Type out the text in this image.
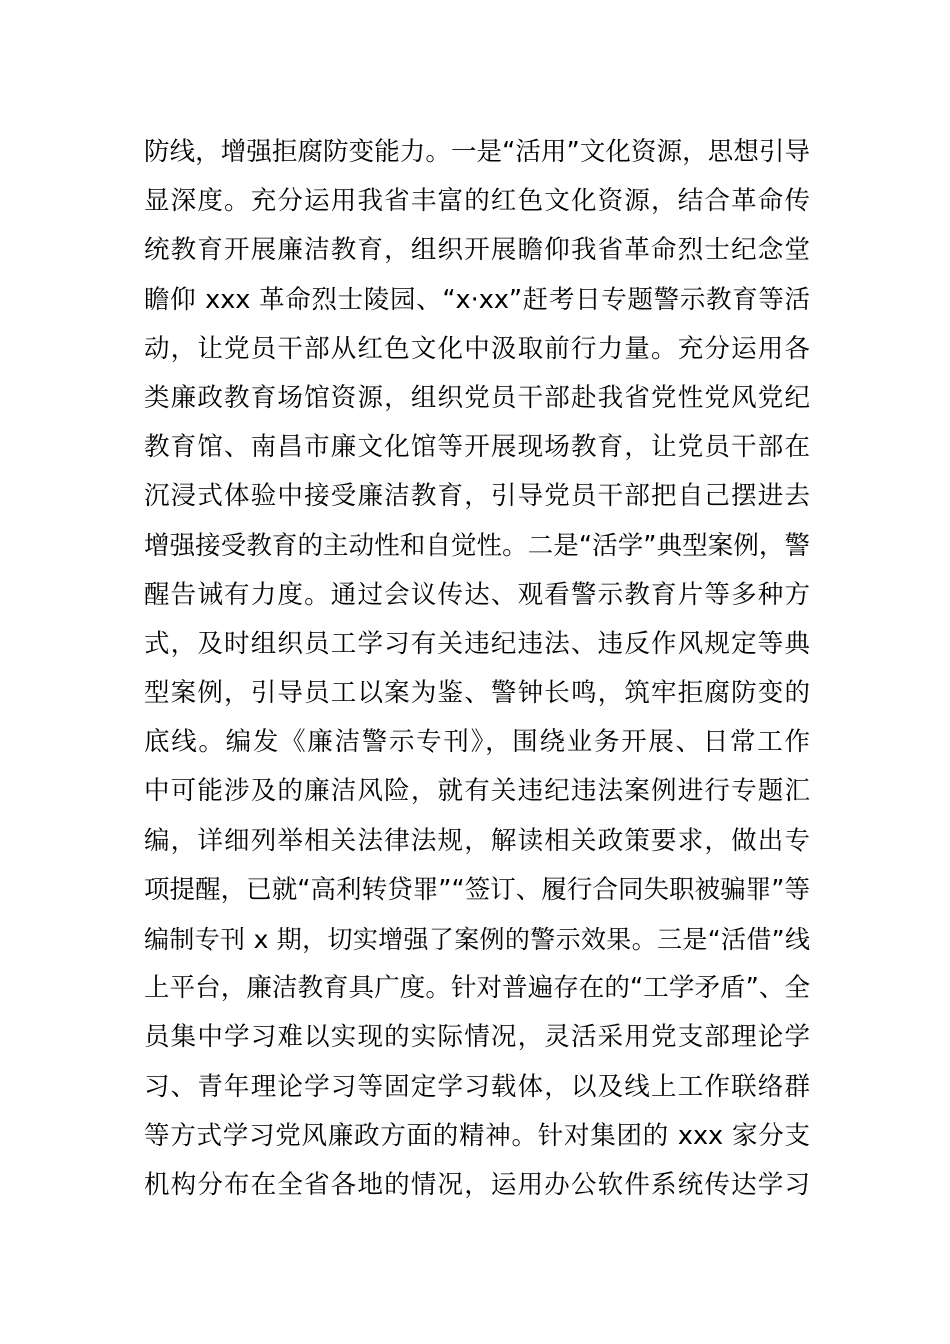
防线，增强拒腐防变能力。一是“活用”文化资源，思想引导
显深度。充分运用我省丰富的红色文化资源，结合革命传
统教育开展廉洁教育，组织开展瞻仰我省革命烈士纪念堂
瞻仰 xxx 革命烈士陵园、“x·xx”赶考日专题警示教育等活
动，让党员干部从红色文化中汲取前行力量。充分运用各
类廉政教育场馆资源，组织党员干部赴我省党性党风党纪
教育馆、南昌市廉文化馆等开展现场教育，让党员干部在
沉浸式体验中接受廉洁教育，引导党员干部把自己摆进去
增强接受教育的主动性和自觉性。二是“活学”典型案例，警
醒告诫有力度。通过会议传达、观看警示教育片等多种方
式，及时组织员工学习有关违纪违法、违反作风规定等典
型案例，引导员工以案为鉴、警钟长鸣，筑牢拒腐防变的
底线。编发《廉洁警示专刊》，围绕业务开展、日常工作
中可能涉及的廉洁风险，就有关违纪违法案例进行专题汇
编，详细列举相关法律法规，解读相关政策要求，做出专
项提醒，已就“高利转贷罪”“签订、履行合同失职被骗罪”等
编制专刊 x 期，切实增强了案例的警示效果。三是“活借”线
上平台，廉洁教育具广度。针对普遍存在的“工学矛盾”、全
员集中学习难以实现的实际情况，灵活采用党支部理论学
习、青年理论学习等固定学习载体，以及线上工作联络群
等方式学习党风廉政方面的精神。针对集团的 xxx 家分支
机构分布在全省各地的情况，运用办公软件系统传达学习
